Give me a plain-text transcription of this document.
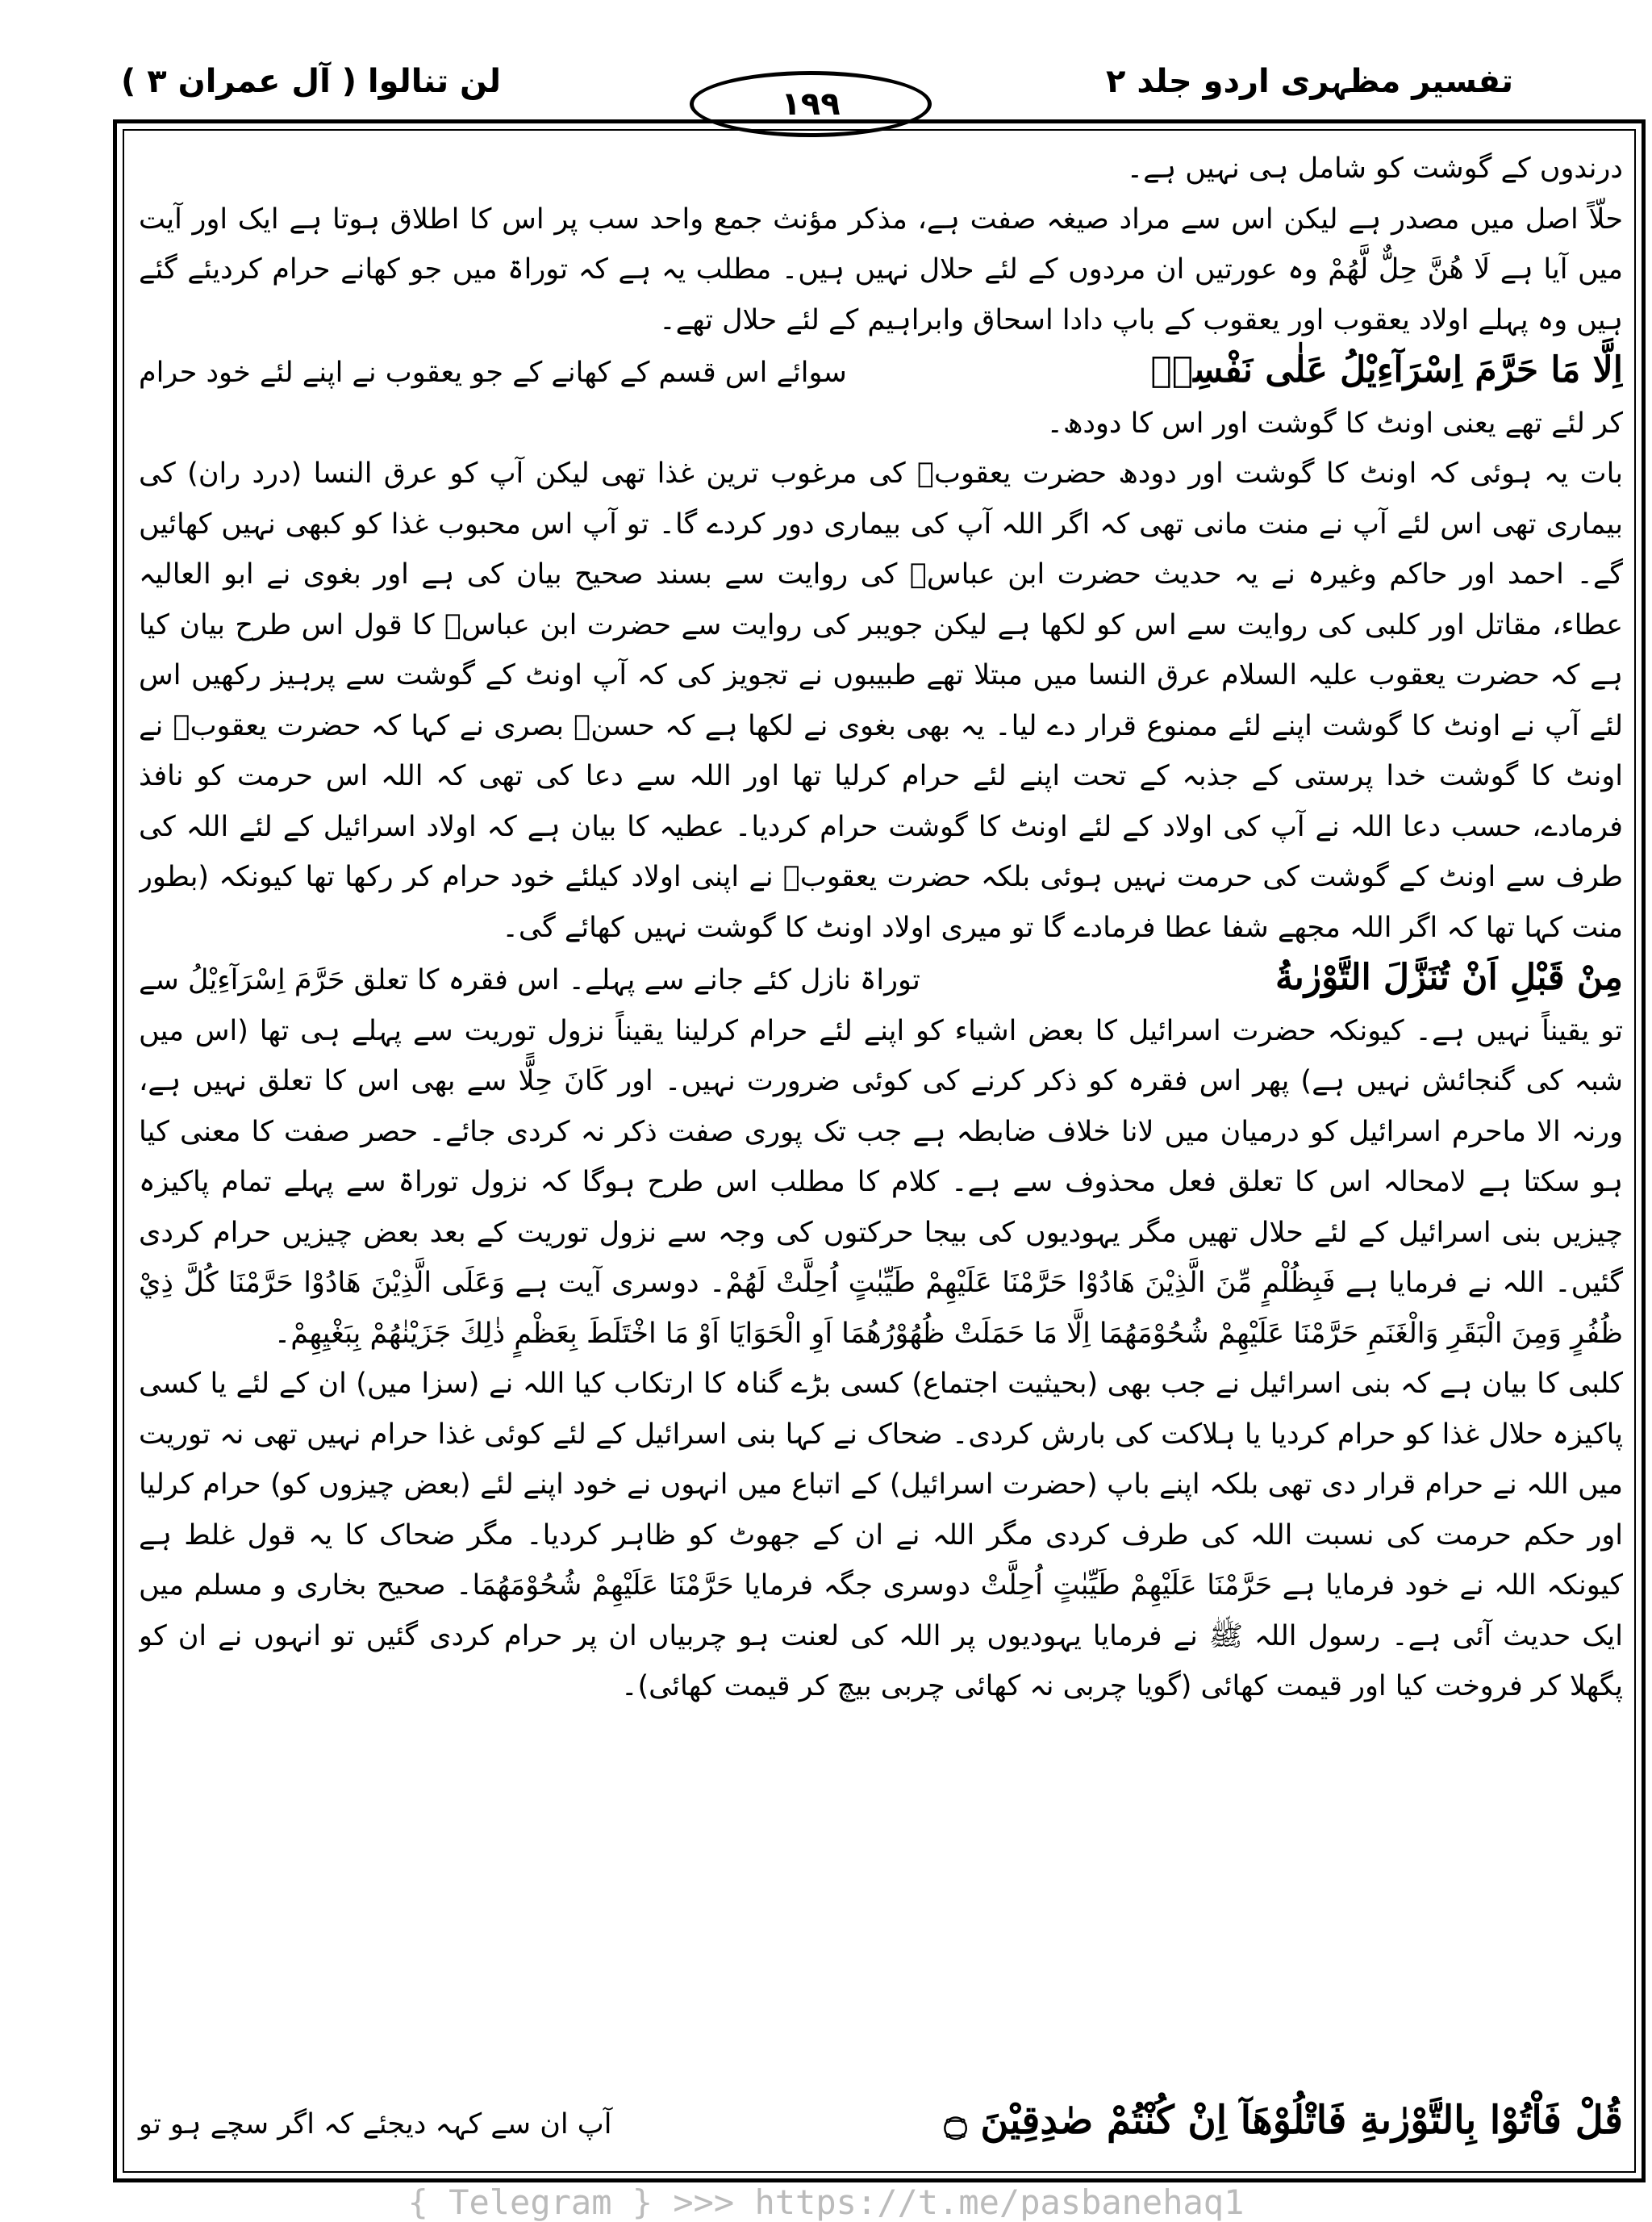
تفسیر مظہری اردو جلد ۲
۱۹۹
لن تنالوا ( آل عمران ۳ )

درندوں کے گوشت کو شامل ہی نہیں ہے۔

حلّاً اصل میں مصدر ہے لیکن اس سے مراد صیغہ صفت ہے، مذکر مؤنث جمع واحد سب پر اس کا اطلاق ہوتا ہے ایک اور آیت میں آیا ہے لَا هُنَّ حِلٌّ لَّهُمْ وہ عورتیں ان مردوں کے لئے حلال نہیں ہیں۔ مطلب یہ ہے کہ توراۃ میں جو کھانے حرام کردیئے گئے ہیں وہ پہلے اولاد یعقوب اور یعقوب کے باپ دادا اسحاق وابراہیم کے لئے حلال تھے۔

اِلَّا مَا حَرَّمَ اِسْرَآءِيْلُ عَلٰى نَفْسِهٖ
سوائے اس قسم کے کھانے کے جو یعقوب نے اپنے لئے خود حرام

کر لئے تھے یعنی اونٹ کا گوشت اور اس کا دودھ۔

بات یہ ہوئی کہ اونٹ کا گوشت اور دودھ حضرت یعقوبؑ کی مرغوب ترین غذا تھی لیکن آپ کو عرق النسا (درد ران) کی بیماری تھی اس لئے آپ نے منت مانی تھی کہ اگر اللہ آپ کی بیماری دور کردے گا۔ تو آپ اس محبوب غذا کو کبھی نہیں کھائیں گے۔ احمد اور حاکم وغیرہ نے یہ حدیث حضرت ابن عباسؓ کی روایت سے بسند صحیح بیان کی ہے اور بغوی نے ابو العالیہ عطاء، مقاتل اور کلبی کی روایت سے اس کو لکھا ہے لیکن جویبر کی روایت سے حضرت ابن عباسؓ کا قول اس طرح بیان کیا ہے کہ حضرت یعقوب علیہ السلام عرق النسا میں مبتلا تھے طبیبوں نے تجویز کی کہ آپ اونٹ کے گوشت سے پرہیز رکھیں اس لئے آپ نے اونٹ کا گوشت اپنے لئے ممنوع قرار دے لیا۔ یہ بھی بغوی نے لکھا ہے کہ حسنؒ بصری نے کہا کہ حضرت یعقوبؑ نے اونٹ کا گوشت خدا پرستی کے جذبہ کے تحت اپنے لئے حرام کرلیا تھا اور اللہ سے دعا کی تھی کہ اللہ اس حرمت کو نافذ فرمادے، حسب دعا اللہ نے آپ کی اولاد کے لئے اونٹ کا گوشت حرام کردیا۔ عطیہ کا بیان ہے کہ اولاد اسرائیل کے لئے اللہ کی طرف سے اونٹ کے گوشت کی حرمت نہیں ہوئی بلکہ حضرت یعقوبؑ نے اپنی اولاد کیلئے خود حرام کر رکھا تھا کیونکہ (بطور منت کہا تھا کہ اگر اللہ مجھے شفا عطا فرمادے گا تو میری اولاد اونٹ کا گوشت نہیں کھائے گی۔

مِنْ قَبْلِ اَنْ تُنَزَّلَ التَّوْرٰىةُ
توراۃ نازل کئے جانے سے پہلے۔ اس فقرہ کا تعلق حَرَّمَ اِسْرَآءِيْلُ سے

تو یقیناً نہیں ہے۔ کیونکہ حضرت اسرائیل کا بعض اشیاء کو اپنے لئے حرام کرلینا یقیناً نزول توریت سے پہلے ہی تھا (اس میں شبہ کی گنجائش نہیں ہے) پھر اس فقرہ کو ذکر کرنے کی کوئی ضرورت نہیں۔ اور کَانَ حِلًّا سے بھی اس کا تعلق نہیں ہے، ورنہ الا ماحرم اسرائیل کو درمیان میں لانا خلاف ضابطہ ہے جب تک پوری صفت ذکر نہ کردی جائے۔ حصر صفت کا معنی کیا ہو سکتا ہے لامحالہ اس کا تعلق فعل محذوف سے ہے۔ کلام کا مطلب اس طرح ہوگا کہ نزول توراۃ سے پہلے تمام پاکیزہ چیزیں بنی اسرائیل کے لئے حلال تھیں مگر یہودیوں کی بیجا حرکتوں کی وجہ سے نزول توریت کے بعد بعض چیزیں حرام کردی گئیں۔ اللہ نے فرمایا ہے فَبِظُلْمٍ مِّنَ الَّذِيْنَ هَادُوْا حَرَّمْنَا عَلَيْهِمْ طَيِّبٰتٍ اُحِلَّتْ لَهُمْ۔ دوسری آیت ہے وَعَلَى الَّذِيْنَ هَادُوْا حَرَّمْنَا كُلَّ ذِيْ ظُفُرٍ وَمِنَ الْبَقَرِ وَالْغَنَمِ حَرَّمْنَا عَلَيْهِمْ شُحُوْمَهُمَا اِلَّا مَا حَمَلَتْ ظُهُوْرُهُمَا اَوِ الْحَوَايَا اَوْ مَا اخْتَلَطَ بِعَظْمٍ ذٰلِكَ جَزَيْنٰهُمْ بِبَغْيِهِمْ۔

کلبی کا بیان ہے کہ بنی اسرائیل نے جب بھی (بحیثیت اجتماع) کسی بڑے گناہ کا ارتکاب کیا اللہ نے (سزا میں) ان کے لئے یا کسی پاکیزہ حلال غذا کو حرام کردیا یا ہلاکت کی بارش کردی۔ ضحاک نے کہا بنی اسرائیل کے لئے کوئی غذا حرام نہیں تھی نہ توریت میں اللہ نے حرام قرار دی تھی بلکہ اپنے باپ (حضرت اسرائیل) کے اتباع میں انہوں نے خود اپنے لئے (بعض چیزوں کو) حرام کرلیا اور حکم حرمت کی نسبت اللہ کی طرف کردی مگر اللہ نے ان کے جھوٹ کو ظاہر کردیا۔ مگر ضحاک کا یہ قول غلط ہے کیونکہ اللہ نے خود فرمایا ہے حَرَّمْنَا عَلَيْهِمْ طَيِّبٰتٍ اُحِلَّتْ دوسری جگہ فرمایا حَرَّمْنَا عَلَيْهِمْ شُحُوْمَهُمَا۔ صحیح بخاری و مسلم میں ایک حدیث آئی ہے۔ رسول اللہ ﷺ نے فرمایا یہودیوں پر اللہ کی لعنت ہو چربیاں ان پر حرام کردی گئیں تو انہوں نے ان کو پگھلا کر فروخت کیا اور قیمت کھائی (گویا چربی نہ کھائی چربی بیچ کر قیمت کھائی)۔

قُلْ فَاْتُوْا بِالتَّوْرٰىةِ فَاتْلُوْهَآ اِنْ كُنْتُمْ صٰدِقِيْنَ ۝
آپ ان سے کہہ دیجئے کہ اگر سچے ہو تو
{ Telegram } >>> https://t.me/pasbanehaq1
